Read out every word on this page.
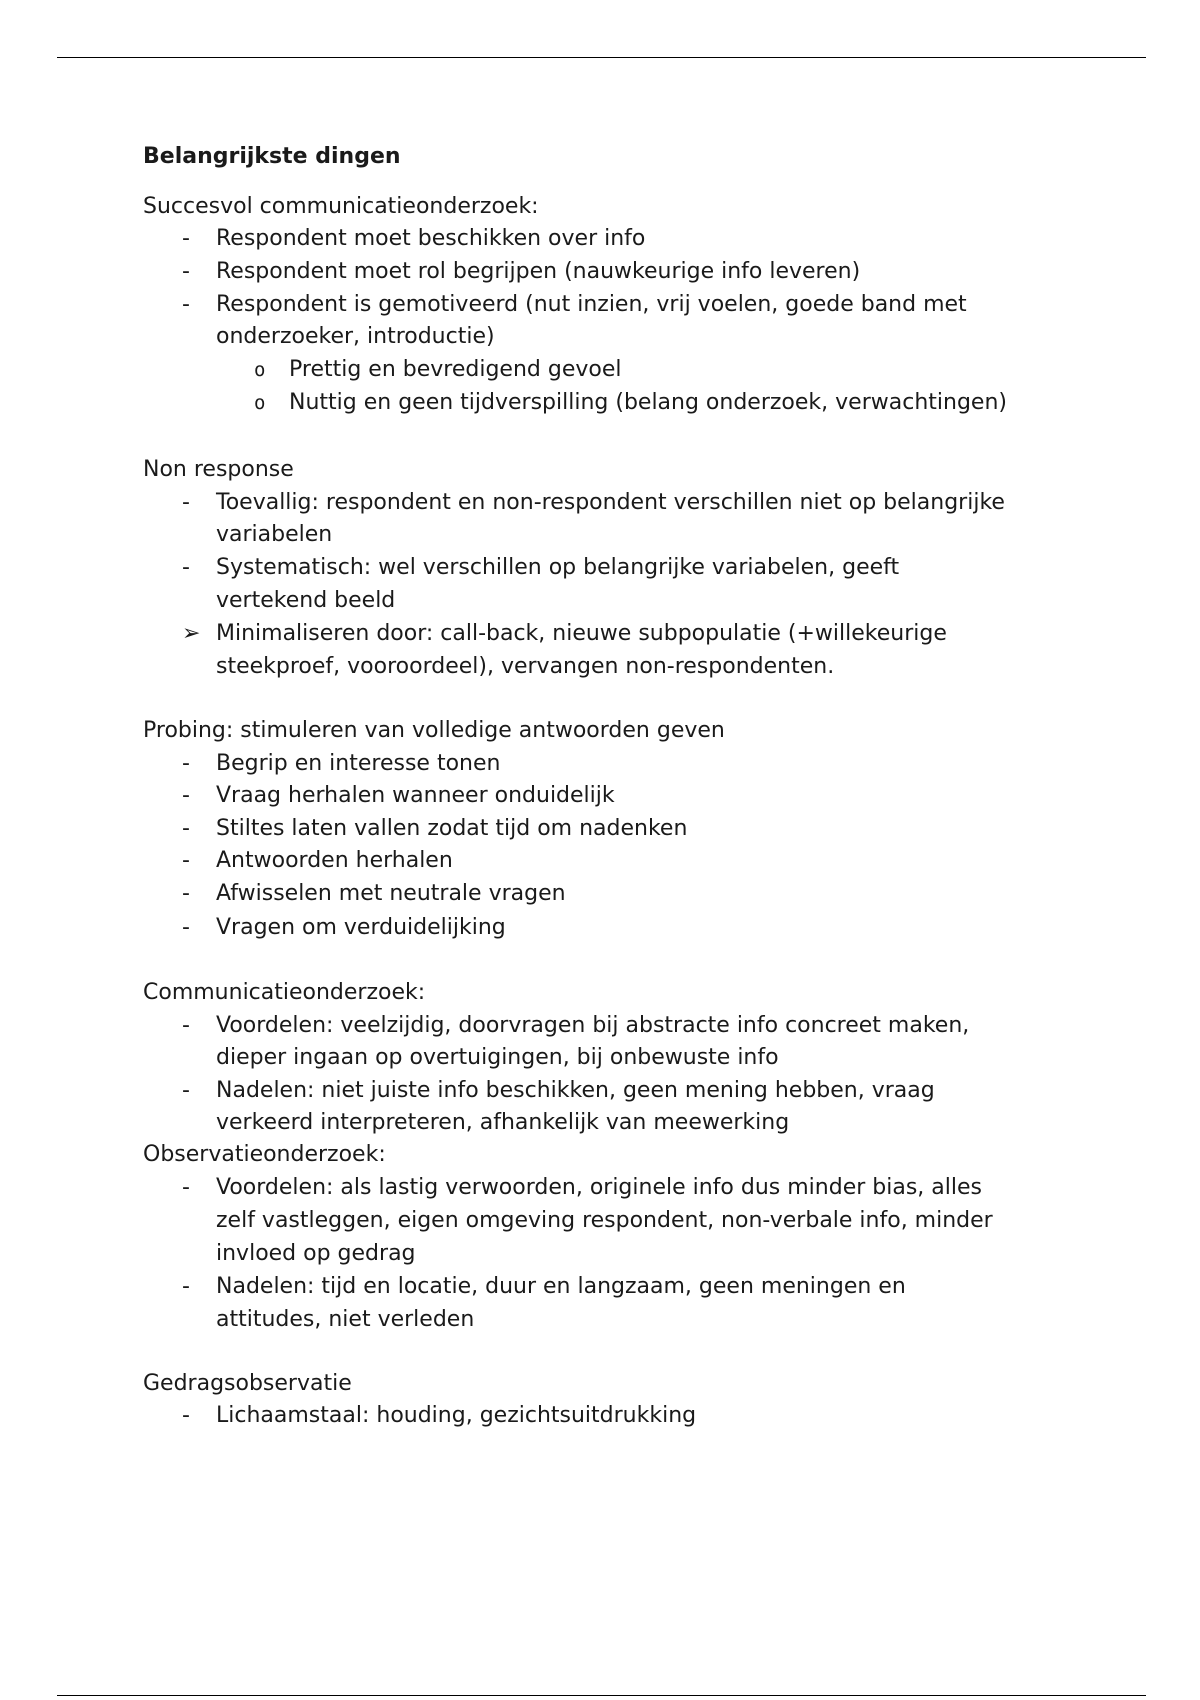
Belangrijkste dingen
Succesvol communicatieonderzoek:
- Respondent moet beschikken over info
- Respondent moet rol begrijpen (nauwkeurige info leveren)
- Respondent is gemotiveerd (nut inzien, vrij voelen, goede band met
onderzoeker, introductie)
o Prettig en bevredigend gevoel
o Nuttig en geen tijdverspilling (belang onderzoek, verwachtingen)
Non response
- Toevallig: respondent en non-respondent verschillen niet op belangrijke
variabelen
- Systematisch: wel verschillen op belangrijke variabelen, geeft
vertekend beeld
➢ Minimaliseren door: call-back, nieuwe subpopulatie (+willekeurige
steekproef, vooroordeel), vervangen non-respondenten.
Probing: stimuleren van volledige antwoorden geven
- Begrip en interesse tonen
- Vraag herhalen wanneer onduidelijk
- Stiltes laten vallen zodat tijd om nadenken
- Antwoorden herhalen
- Afwisselen met neutrale vragen
- Vragen om verduidelijking
Communicatieonderzoek:
- Voordelen: veelzijdig, doorvragen bij abstracte info concreet maken,
dieper ingaan op overtuigingen, bij onbewuste info
- Nadelen: niet juiste info beschikken, geen mening hebben, vraag
verkeerd interpreteren, afhankelijk van meewerking
Observatieonderzoek:
- Voordelen: als lastig verwoorden, originele info dus minder bias, alles
zelf vastleggen, eigen omgeving respondent, non-verbale info, minder
invloed op gedrag
- Nadelen: tijd en locatie, duur en langzaam, geen meningen en
attitudes, niet verleden
Gedragsobservatie
- Lichaamstaal: houding, gezichtsuitdrukking
